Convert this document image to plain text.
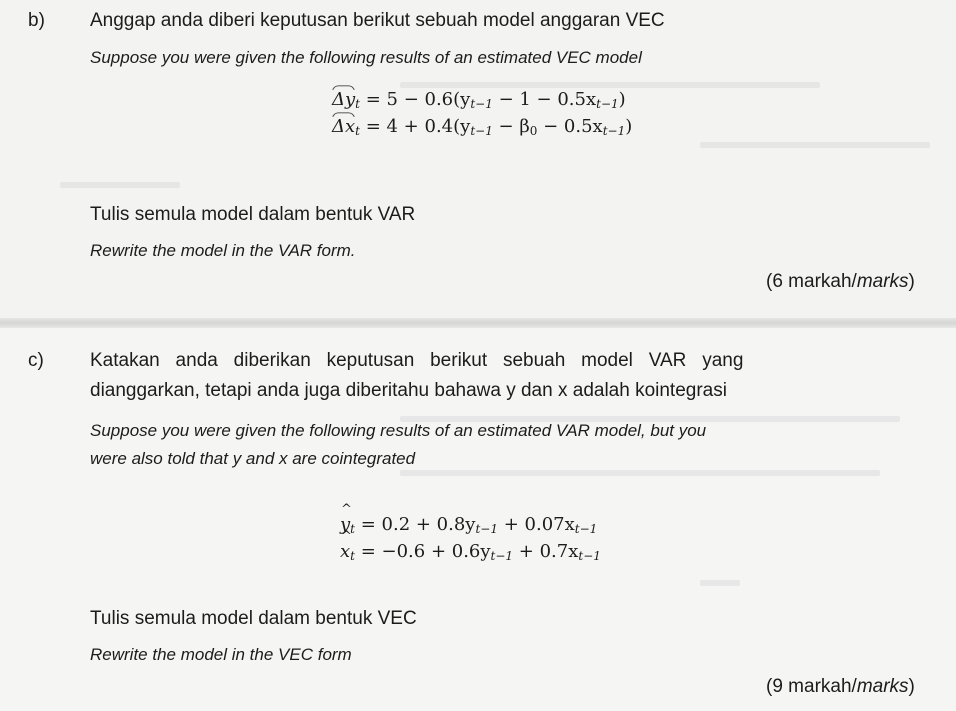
b) Anggap anda diberi keputusan berikut sebuah model anggaran VEC
Suppose you were given the following results of an estimated VEC model
$\Delta y_t = 5 - 0.6(y_{t-1} - 1 - 0.5x_{t-1})$
$\Delta x_t = 4 + 0.4(y_{t-1} - \beta_0 - 0.5x_{t-1})$
Tulis semula model dalam bentuk VAR
Rewrite the model in the VAR form.
(6 markah/marks)
c) Katakan   anda   diberikan   keputusan   berikut   sebuah   model   VAR   yang
dianggarkan, tetapi anda juga diberitahu bahawa y dan x adalah kointegrasi
Suppose you were given the following results of an estimated VAR model, but you
were also told that y and x are cointegrated
y $\^{}_t = 0.2 + 0.8y_{t-1} + 0.07x_{t-1}$
x $\^{}_t = -0.6 + 0.6y_{t-1} + 0.7x_{t-1}$
Tulis semula model dalam bentuk VEC
Rewrite the model in the VEC form
(9 markah/marks)
